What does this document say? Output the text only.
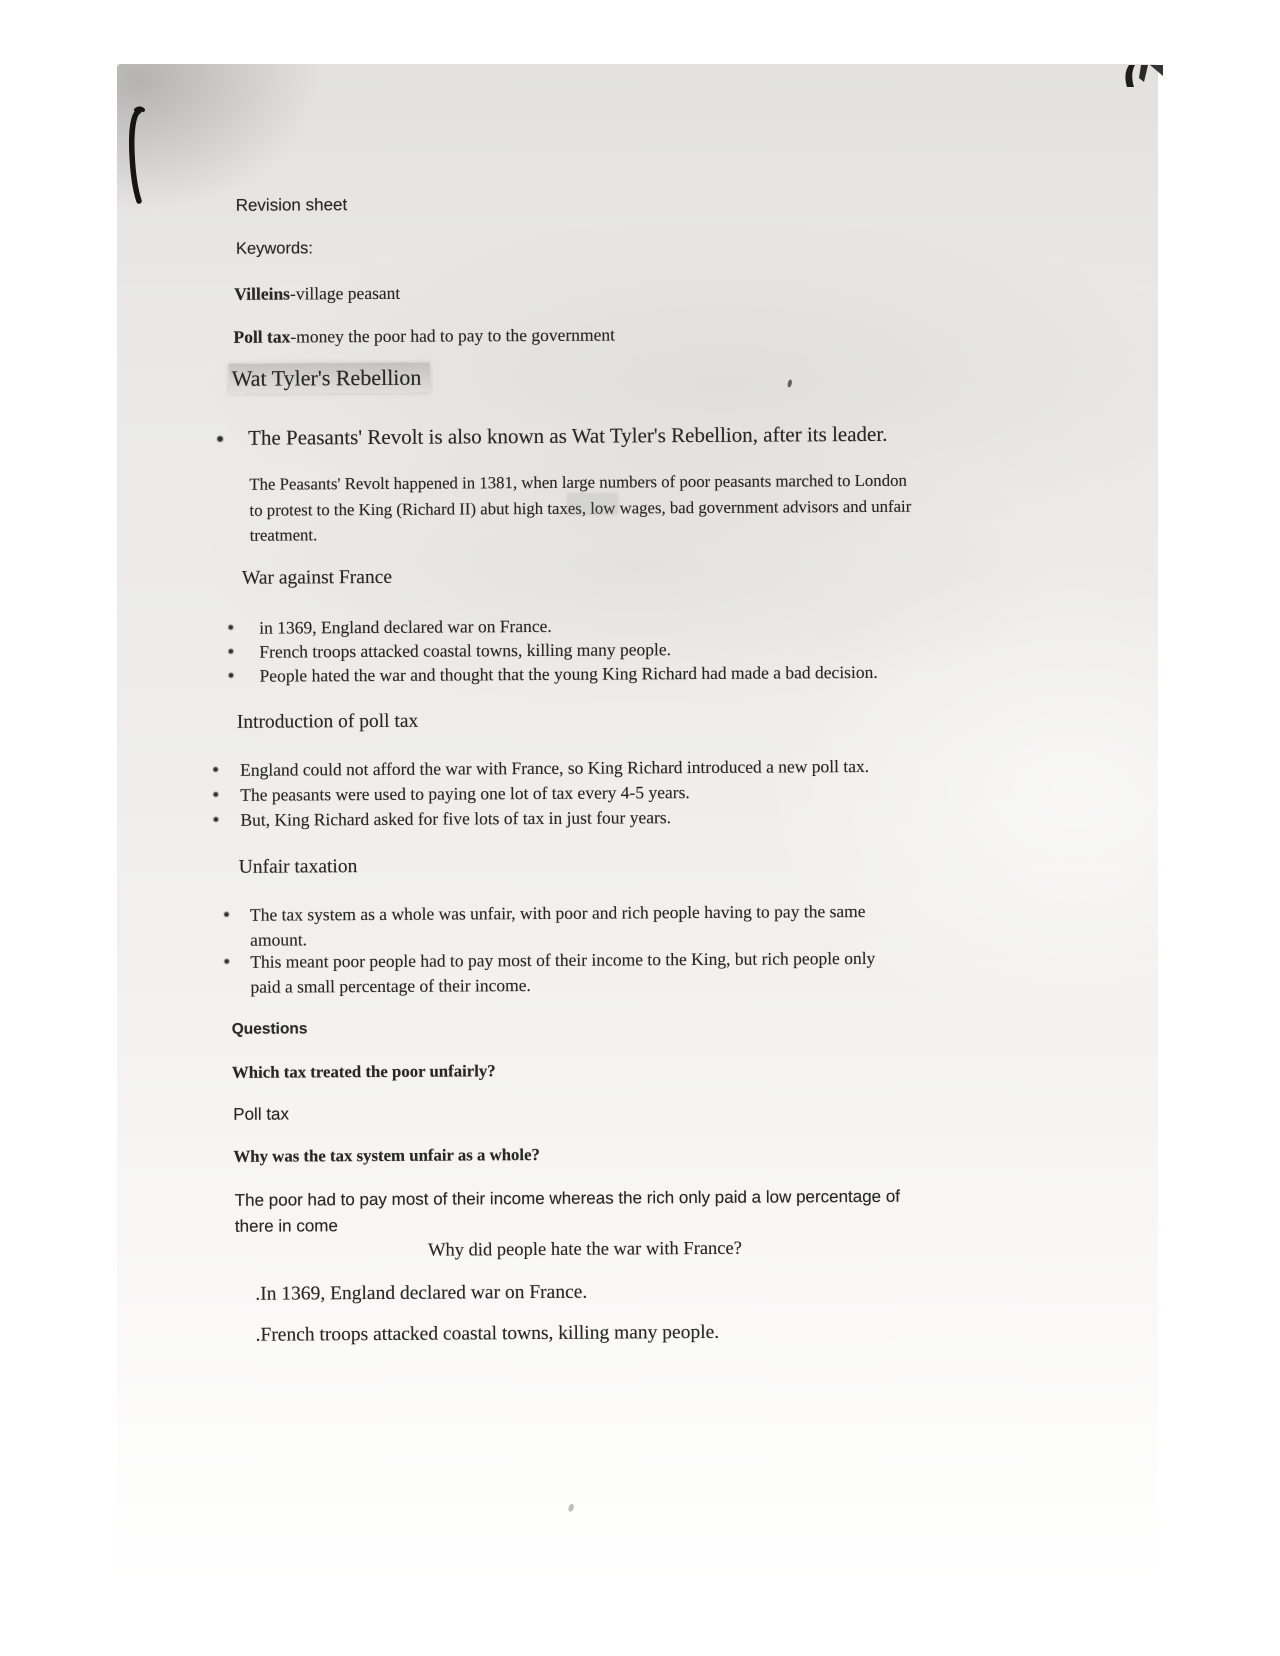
Revision sheet
Keywords:
Villeins-village peasant
Poll tax-money the poor had to pay to the government
Wat Tyler's Rebellion
The Peasants' Revolt is also known as Wat Tyler's Rebellion, after its leader.
The Peasants' Revolt happened in 1381, when large numbers of poor peasants marched to London
to protest to the King (Richard II) abut high taxes, low wages, bad government advisors and unfair
treatment.
War against France
in 1369, England declared war on France.
French troops attacked coastal towns, killing many people.
People hated the war and thought that the young King Richard had made a bad decision.
Introduction of poll tax
England could not afford the war with France, so King Richard introduced a new poll tax.
The peasants were used to paying one lot of tax every 4-5 years.
But, King Richard asked for five lots of tax in just four years.
Unfair taxation
The tax system as a whole was unfair, with poor and rich people having to pay the same
amount.
This meant poor people had to pay most of their income to the King, but rich people only
paid a small percentage of their income.
Questions
Which tax treated the poor unfairly?
Poll tax
Why was the tax system unfair as a whole?
The poor had to pay most of their income whereas the rich only paid a low percentage of
there in come
Why did people hate the war with France?
.In 1369, England declared war on France.
.French troops attacked coastal towns, killing many people.
